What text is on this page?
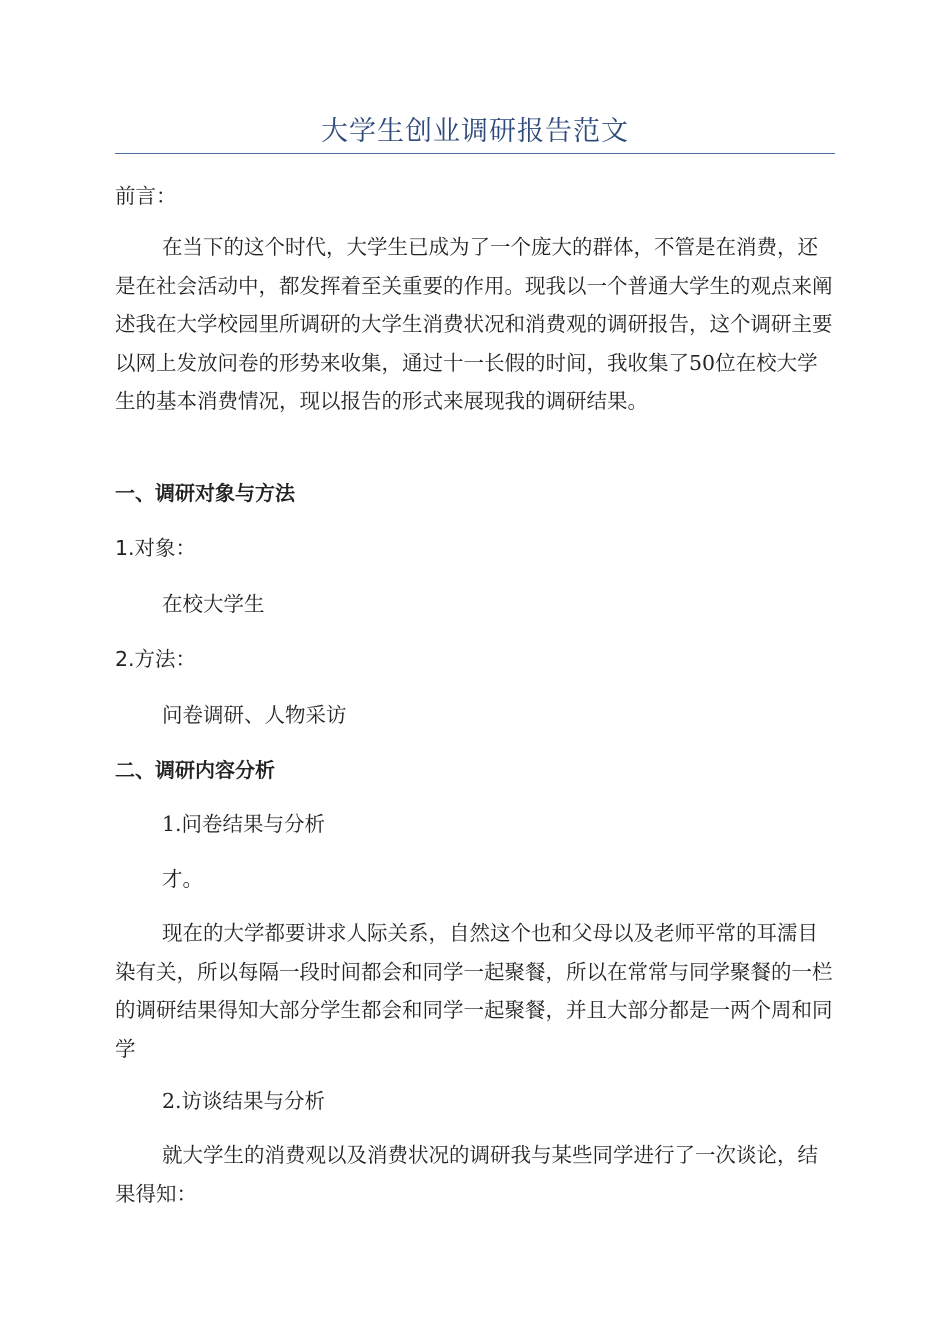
大学生创业调研报告范文

前言：

在当下的这个时代，大学生已成为了一个庞大的群体，不管是在消费，还是在社会活动中，都发挥着至关重要的作用。现我以一个普通大学生的观点来阐述我在大学校园里所调研的大学生消费状况和消费观的调研报告，这个调研主要以网上发放问卷的形势来收集，通过十一长假的时间，我收集了50位在校大学生的基本消费情况，现以报告的形式来展现我的调研结果。

一、调研对象与方法

1.对象：

在校大学生

2.方法：

问卷调研、人物采访

二、调研内容分析

1.问卷结果与分析

才。

现在的大学都要讲求人际关系，自然这个也和父母以及老师平常的耳濡目染有关，所以每隔一段时间都会和同学一起聚餐，所以在常常与同学聚餐的一栏的调研结果得知大部分学生都会和同学一起聚餐，并且大部分都是一两个周和同学

2.访谈结果与分析

就大学生的消费观以及消费状况的调研我与某些同学进行了一次谈论，结果得知：
